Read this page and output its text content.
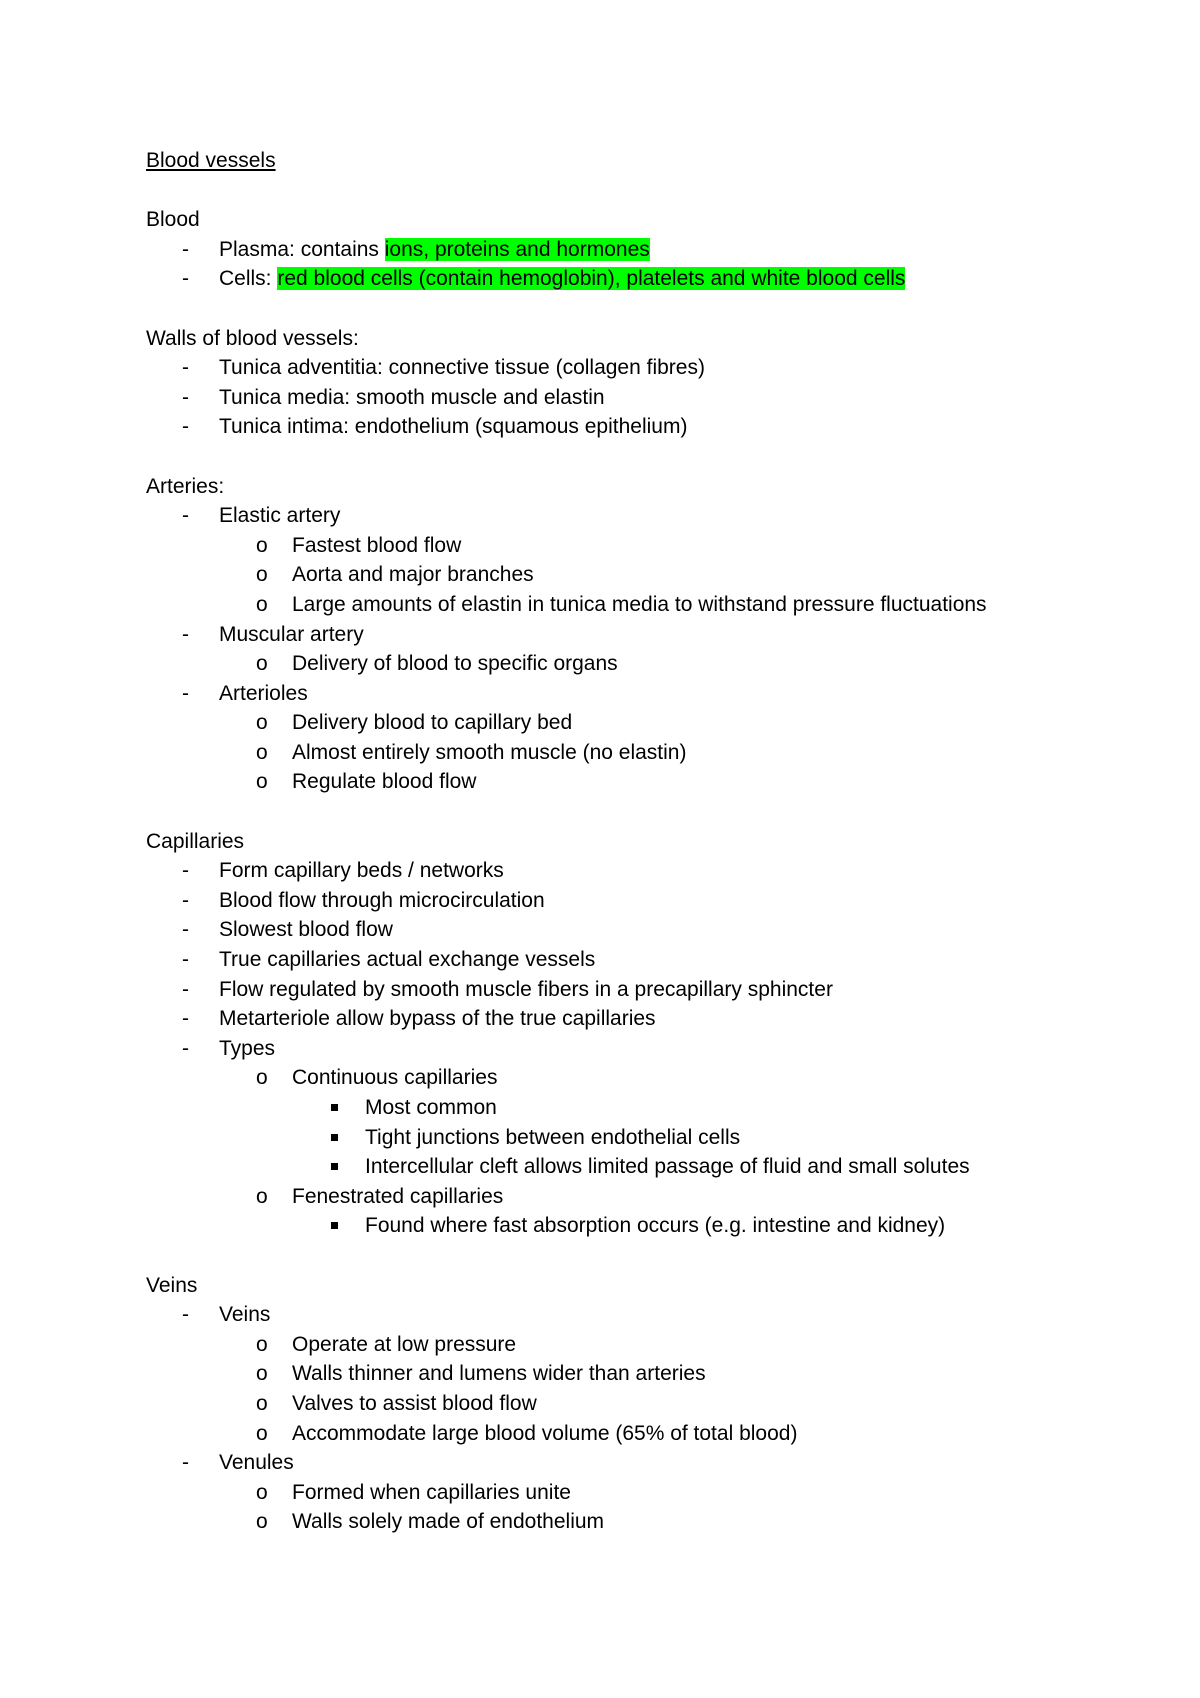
Blood vessels
Blood
- Plasma: contains ions, proteins and hormones
- Cells: red blood cells (contain hemoglobin), platelets and white blood cells
Walls of blood vessels:
- Tunica adventitia: connective tissue (collagen fibres)
- Tunica media: smooth muscle and elastin
- Tunica intima: endothelium (squamous epithelium)
Arteries:
- Elastic artery
o Fastest blood flow
o Aorta and major branches
o Large amounts of elastin in tunica media to withstand pressure fluctuations
- Muscular artery
o Delivery of blood to specific organs
- Arterioles
o Delivery blood to capillary bed
o Almost entirely smooth muscle (no elastin)
o Regulate blood flow
Capillaries
- Form capillary beds / networks
- Blood flow through microcirculation
- Slowest blood flow
- True capillaries actual exchange vessels
- Flow regulated by smooth muscle fibers in a precapillary sphincter
- Metarteriole allow bypass of the true capillaries
- Types
o Continuous capillaries
Most common
Tight junctions between endothelial cells
Intercellular cleft allows limited passage of fluid and small solutes
o Fenestrated capillaries
Found where fast absorption occurs (e.g. intestine and kidney)
Veins
- Veins
o Operate at low pressure
o Walls thinner and lumens wider than arteries
o Valves to assist blood flow
o Accommodate large blood volume (65% of total blood)
- Venules
o Formed when capillaries unite
o Walls solely made of endothelium
